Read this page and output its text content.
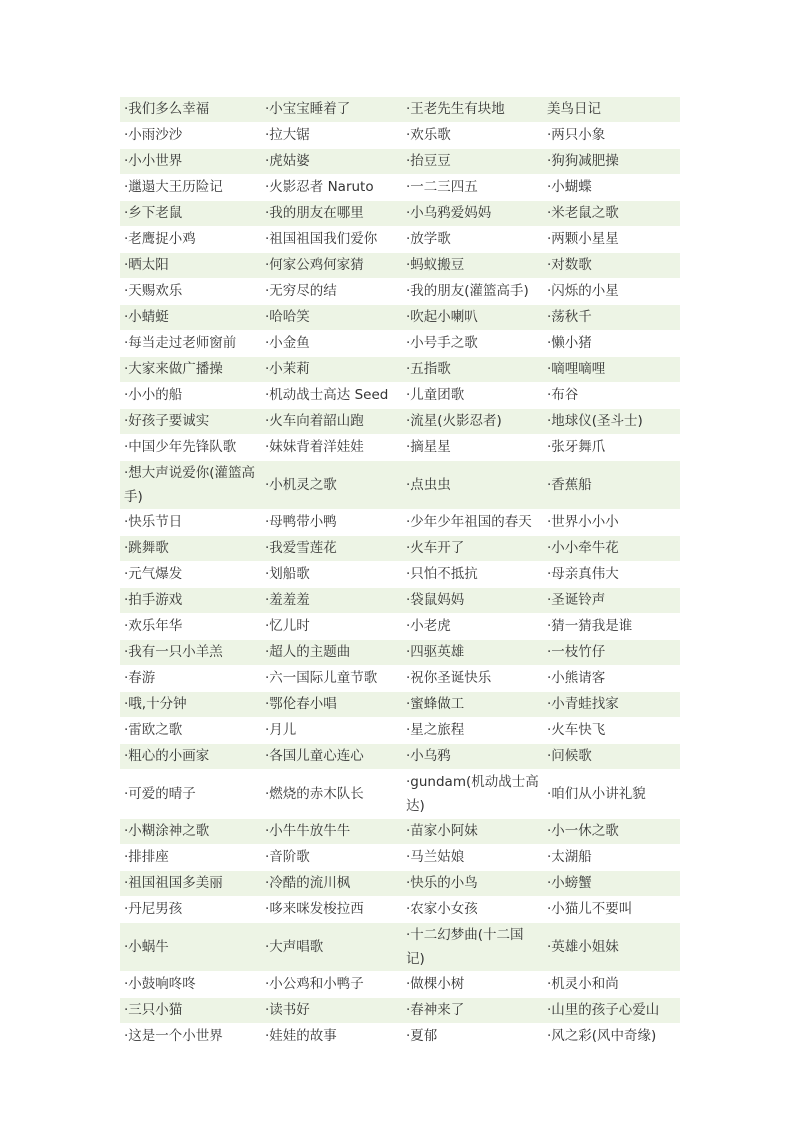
·我们多么幸福	·小宝宝睡着了	·王老先生有块地	美鸟日记
·小雨沙沙	·拉大锯	·欢乐歌	·两只小象
·小小世界	·虎姑婆	·抬豆豆	·狗狗减肥操
·邋遢大王历险记	·火影忍者 Naruto	·一二三四五	·小蝴蝶
·乡下老鼠	·我的朋友在哪里	·小乌鸦爱妈妈	·米老鼠之歌
·老鹰捉小鸡	·祖国祖国我们爱你	·放学歌	·两颗小星星
·晒太阳	·何家公鸡何家猜	·蚂蚁搬豆	·对数歌
·天赐欢乐	·无穷尽的结	·我的朋友(灌篮高手)	·闪烁的小星
·小蜻蜓	·哈哈笑	·吹起小喇叭	·荡秋千
·每当走过老师窗前	·小金鱼	·小号手之歌	·懒小猪
·大家来做广播操	·小茉莉	·五指歌	·嘀哩嘀哩
·小小的船	·机动战士高达 Seed	·儿童团歌	·布谷
·好孩子要诚实	·火车向着韶山跑	·流星(火影忍者)	·地球仪(圣斗士)
·中国少年先锋队歌	·妹妹背着洋娃娃	·摘星星	·张牙舞爪
·想大声说爱你(灌篮高手)	·小机灵之歌	·点虫虫	·香蕉船
·快乐节日	·母鸭带小鸭	·少年少年祖国的春天	·世界小小小
·跳舞歌	·我爱雪莲花	·火车开了	·小小牵牛花
·元气爆发	·划船歌	·只怕不抵抗	·母亲真伟大
·拍手游戏	·羞羞羞	·袋鼠妈妈	·圣诞铃声
·欢乐年华	·忆儿时	·小老虎	·猜一猜我是谁
·我有一只小羊羔	·超人的主题曲	·四驱英雄	·一枝竹仔
·春游	·六一国际儿童节歌	·祝你圣诞快乐	·小熊请客
·哦,十分钟	·鄂伦春小唱	·蜜蜂做工	·小青蛙找家
·雷欧之歌	·月儿	·星之旅程	·火车快飞
·粗心的小画家	·各国儿童心连心	·小乌鸦	·问候歌
·可爱的晴子	·燃烧的赤木队长	·gundam(机动战士高达)	·咱们从小讲礼貌
·小糊涂神之歌	·小牛牛放牛牛	·苗家小阿妹	·小一休之歌
·排排座	·音阶歌	·马兰姑娘	·太湖船
·祖国祖国多美丽	·冷酷的流川枫	·快乐的小鸟	·小螃蟹
·丹尼男孩	·哆来咪发梭拉西	·农家小女孩	·小猫儿不要叫
·小蜗牛	·大声唱歌	·十二幻梦曲(十二国记)	·英雄小姐妹
·小鼓响咚咚	·小公鸡和小鸭子	·做棵小树	·机灵小和尚
·三只小猫	·读书好	·春神来了	·山里的孩子心爱山
·这是一个小世界	·娃娃的故事	·夏郁	·风之彩(风中奇缘)
